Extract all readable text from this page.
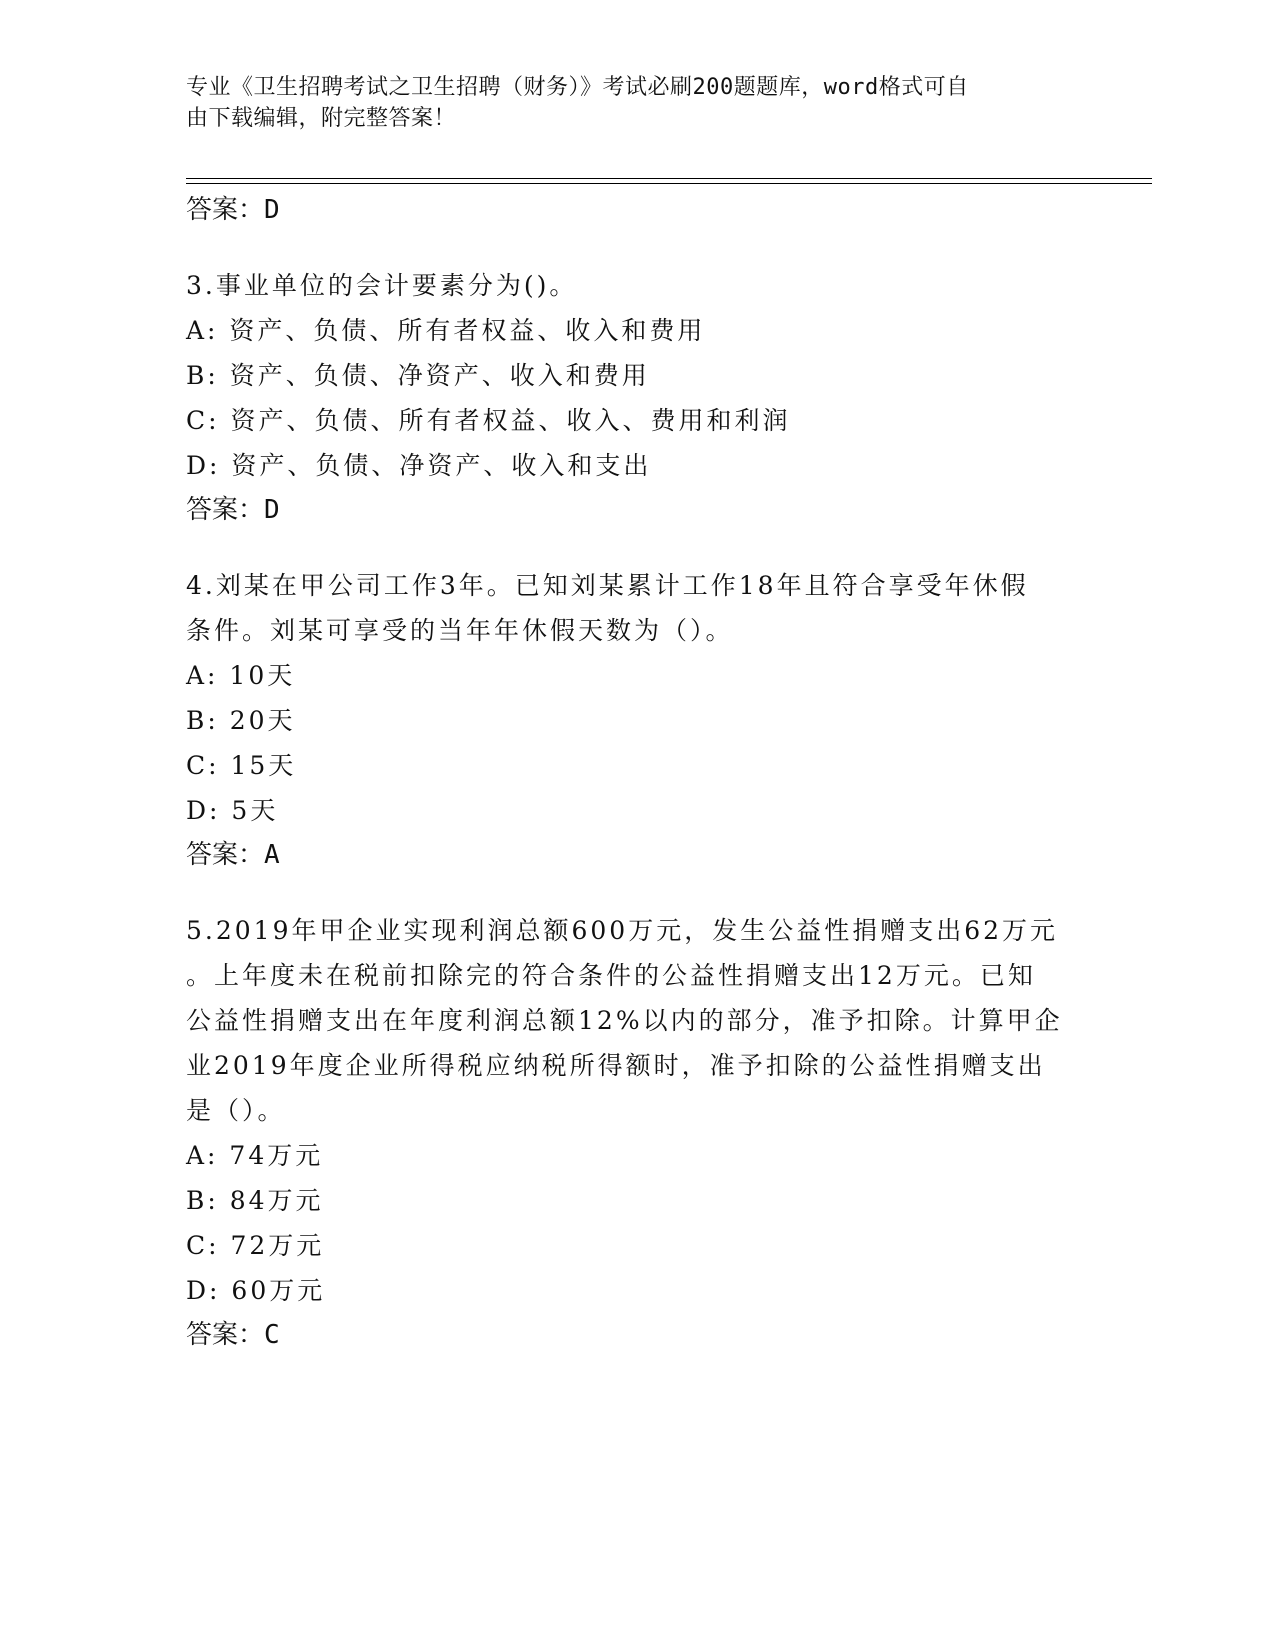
专业《卫生招聘考试之卫生招聘（财务）》考试必刷200题题库，word格式可自
由下载编辑，附完整答案！

答案：D

3.事业单位的会计要素分为()。

A: 资产、负债、所有者权益、收入和费用

B: 资产、负债、净资产、收入和费用

C: 资产、负债、所有者权益、收入、费用和利润

D: 资产、负债、净资产、收入和支出

答案：D

4.刘某在甲公司工作3年。已知刘某累计工作18年且符合享受年休假
条件。刘某可享受的当年年休假天数为（）。

A: 10天

B: 20天

C: 15天

D: 5天

答案：A

5.2019年甲企业实现利润总额600万元，发生公益性捐赠支出62万元
。上年度未在税前扣除完的符合条件的公益性捐赠支出12万元。已知
公益性捐赠支出在年度利润总额12%以内的部分，准予扣除。计算甲企
业2019年度企业所得税应纳税所得额时，准予扣除的公益性捐赠支出
是（）。

A: 74万元

B: 84万元

C: 72万元

D: 60万元

答案：C
